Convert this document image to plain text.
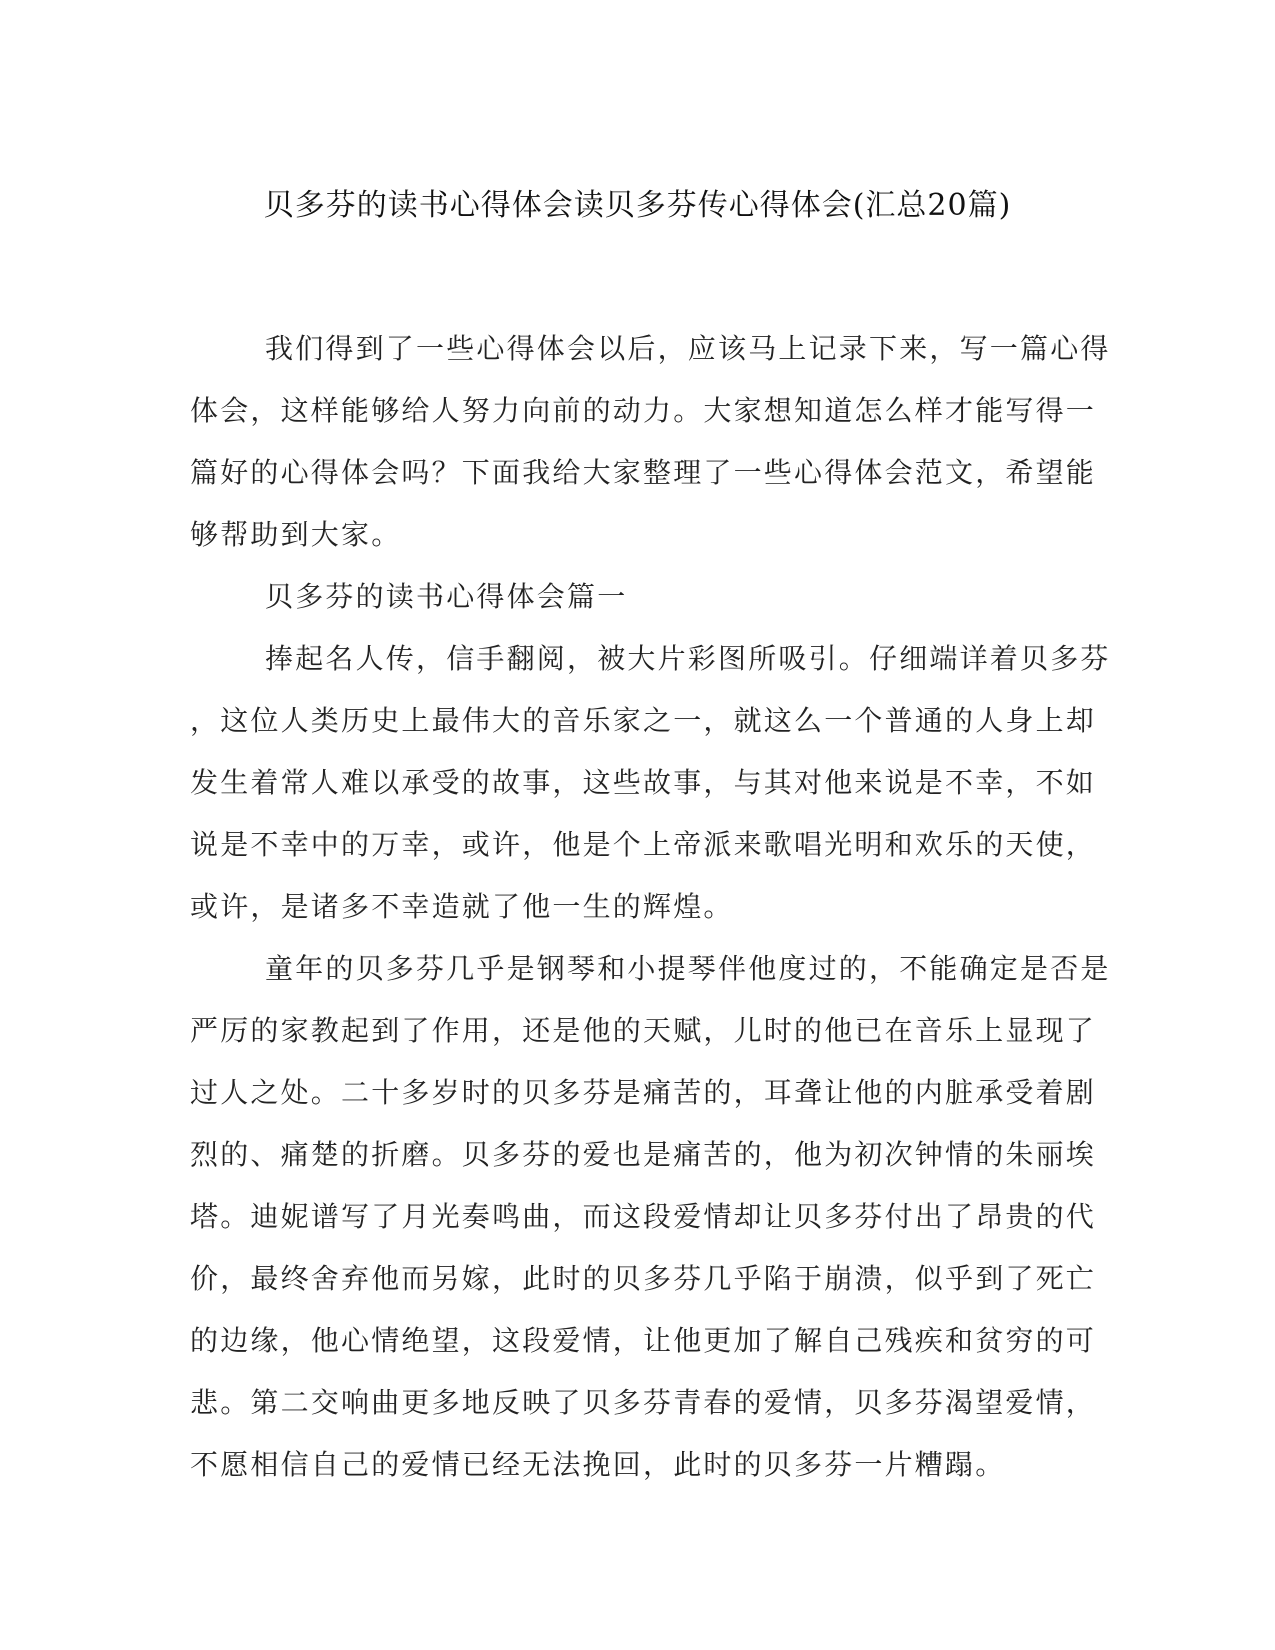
贝多芬的读书心得体会读贝多芬传心得体会(汇总20篇)
我们得到了一些心得体会以后，应该马上记录下来，写一篇心得
体会，这样能够给人努力向前的动力。大家想知道怎么样才能写得一
篇好的心得体会吗？下面我给大家整理了一些心得体会范文，希望能
够帮助到大家。
贝多芬的读书心得体会篇一
捧起名人传，信手翻阅，被大片彩图所吸引。仔细端详着贝多芬
，这位人类历史上最伟大的音乐家之一，就这么一个普通的人身上却
发生着常人难以承受的故事，这些故事，与其对他来说是不幸，不如
说是不幸中的万幸，或许，他是个上帝派来歌唱光明和欢乐的天使，
或许，是诸多不幸造就了他一生的辉煌。
童年的贝多芬几乎是钢琴和小提琴伴他度过的，不能确定是否是
严厉的家教起到了作用，还是他的天赋，儿时的他已在音乐上显现了
过人之处。二十多岁时的贝多芬是痛苦的，耳聋让他的内脏承受着剧
烈的、痛楚的折磨。贝多芬的爱也是痛苦的，他为初次钟情的朱丽埃
塔。迪妮谱写了月光奏鸣曲，而这段爱情却让贝多芬付出了昂贵的代
价，最终舍弃他而另嫁，此时的贝多芬几乎陷于崩溃，似乎到了死亡
的边缘，他心情绝望，这段爱情，让他更加了解自己残疾和贫穷的可
悲。第二交响曲更多地反映了贝多芬青春的爱情，贝多芬渴望爱情，
不愿相信自己的爱情已经无法挽回，此时的贝多芬一片糟蹋。
